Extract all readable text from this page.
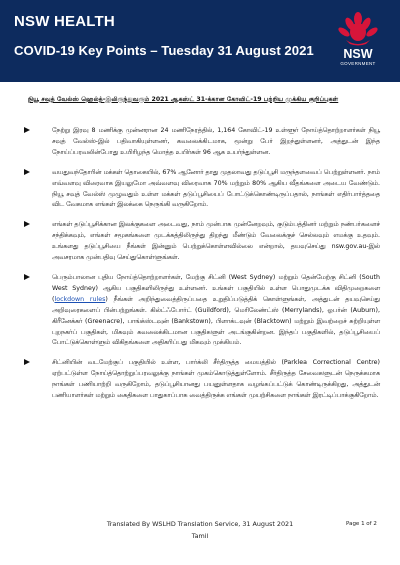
NSW HEALTH
COVID-19 Key Points – Tuesday 31 August 2021	NSW
GOVERNMENT
நியூ சவுத் வேல்ஸ் ஹெல்த்-இலிருந்துவரும் 2021 ஆகஸ்ட் 31-க்கான கோவிட்-19 பற்றிய முக்கிய குறிப்புகள்

நேற்று இரவு 8 மணிக்கு முன்னரான 24 மணிநேரத்தில், 1,164 கோவிட்-19 உள்ளூர் நோய்த்தொற்றாளர்கள் நியூ சவுத் வேல்ஸ்-இல் பதிவாகியுள்ளனர், கவலைக்கிடமாக, மூன்று பேர் இறந்துள்ளனர், அத்துடன் இந்த நோய்ப்பரவலின்போது உயிரிழந்த மொத்த உயிர்கள் 96 ஆக உயர்ந்துள்ளன.

வயதுவந்தோரின் மக்கள் தொகையில், 67% ஆனோர் தாது முதலாவது தடுப்பூசி மருந்தளவைப் பெற்றுள்ளனர். நாம் எவ்வளவு விரைவாக இயலுமோ அவ்வளவு விரைவாக 70% மற்றும் 80% ஆகிய வீதங்களை அடைய வேண்டும். நியூ சவுத் வேல்ஸ் முழுவதும் உள்ள மக்கள் தடுப்பூசியைப் போட்டுக்கொண்டிருப்பதால், நாங்கள் எதிர்பார்த்ததை விட வேகமாக எங்கள் இலக்கை நெருங்கி வருகிறோம்.

எங்கள் தடுப்பூசிக்கான இலக்குகளை அடைவது, நாம் முன்பாக முன்னேறவும், குடும்பத்தினர் மற்றும் நண்பர்களைச் சந்திக்கவும், எங்கள் சமூகங்களை முடக்கத்திலிருந்து திறந்து மீண்டும் வேலைக்குச் செல்லவும் எமக்கு உதவும். உங்களது தடுப்பூசியை நீங்கள் இன்னும் பெற்றுக்கொள்ளவில்லை என்றால், தயவுசெய்து nsw.gov.au-இல் அவசரமாக முன்பதிவு செய்துகொள்ளுங்கள்.

பெரும்பாலான புதிய நோய்த்தொற்றாளர்கள், மேற்கு சிட்னி (West Sydney) மற்றும் தென்மேற்கு சிட்னி (South West Sydney) ஆகிய பகுதிகளிலிருந்து உள்ளனர். உங்கள் பகுதியில் உள்ள பொதுமுடக்க விதிமுறைகளை (lockdown rules) நீங்கள் அறிந்துவைத்திருப்பதை உறுதிப்படுத்திக் கொள்ளுங்கள், அத்துடன் தயவுசெய்து அறிவுரைகளைப் பின்பற்றுங்கள். கில்ட்ஃபோர்ட் (Guildford), மெரிலேண்ட்ஸ் (Merrylands), ஓபர்ன் (Auburn), கிரீனேக்கர் (Greenacre), பாங்க்ஸ்டவுன் (Bankstown), பிளாக்டவுன் (Blacktown) மற்றும் இவற்றைச் சுற்றியுள்ள புறநகர்ப் பகுதிகள், மிகவும் கவலைக்கிடமான பகுதிகளுள் அடங்குகின்றன. இந்தப் பகுதிகளில், தடுப்பூசியைப் போட்டுக்கொள்ளும் விகிதங்களை அதிகரிப்பது மிகவும் முக்கியம்.

சிட்னியின் வடமேற்குப் பகுதியில் உள்ள, பார்க்லி சீர்திருத்த மையத்தில் (Parklea Correctional Centre) ஏற்பட்டுள்ள நோய்த்தொற்றுப்பரவலுக்கு நாங்கள் முகம்கொடுத்துள்ளோம். சீர்திருத்த சேவைகளுடன் நெருக்கமாக நாங்கள் பணியாற்றி வருகிறோம், தடுப்பூசியானது பயனுள்ளதாக வழங்கப்பட்டுக் கொண்டிருக்கிறது, அத்துடன் பணியாளர்கள் மற்றும் கைதிகளை பாதுகாப்பாக வைத்திருக்க எங்கள் முயற்சிகளை நாங்கள் இரட்டிப்பாக்குகிறோம்.

Translated By WSLHD Translation Service, 31 August 2021
Tamil
Page 1 of 2
